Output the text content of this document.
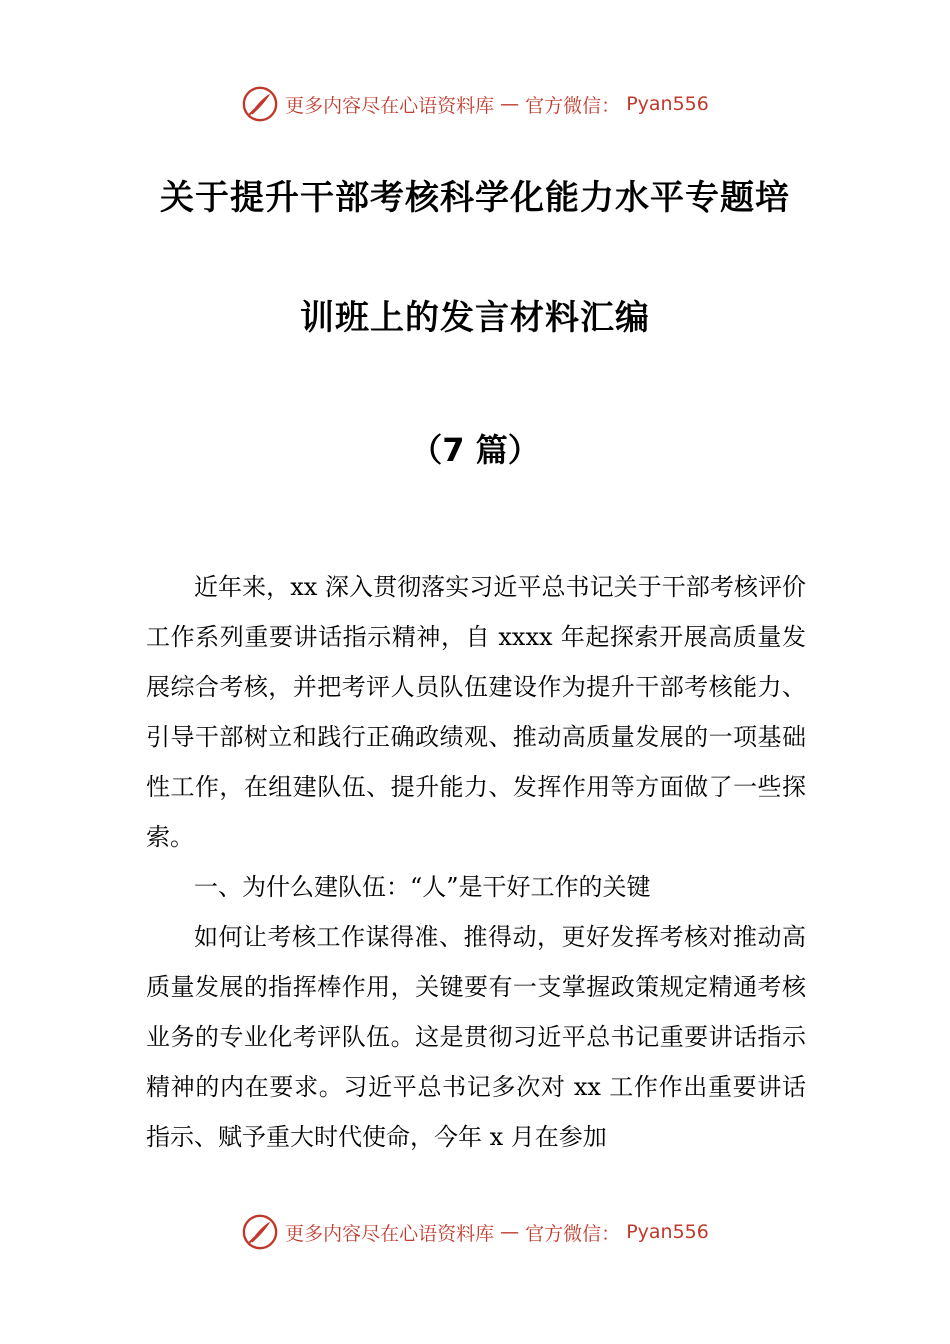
更多内容尽在心语资料库 — 官方微信： Pyan556
关于提升干部考核科学化能力水平专题培
训班上的发言材料汇编
（7 篇）

近年来，xx 深入贯彻落实习近平总书记关于干部考核评价工作系列重要讲话指示精神，自 xxxx 年起探索开展高质量发展综合考核，并把考评人员队伍建设作为提升干部考核能力、引导干部树立和践行正确政绩观、推动高质量发展的一项基础性工作，在组建队伍、提升能力、发挥作用等方面做了一些探索。

一、为什么建队伍：“人”是干好工作的关键

如何让考核工作谋得准、推得动，更好发挥考核对推动高质量发展的指挥棒作用，关键要有一支掌握政策规定精通考核业务的专业化考评队伍。这是贯彻习近平总书记重要讲话指示精神的内在要求。习近平总书记多次对 xx 工作作出重要讲话指示、赋予重大时代使命，今年 x 月在参加

更多内容尽在心语资料库 — 官方微信： Pyan556
